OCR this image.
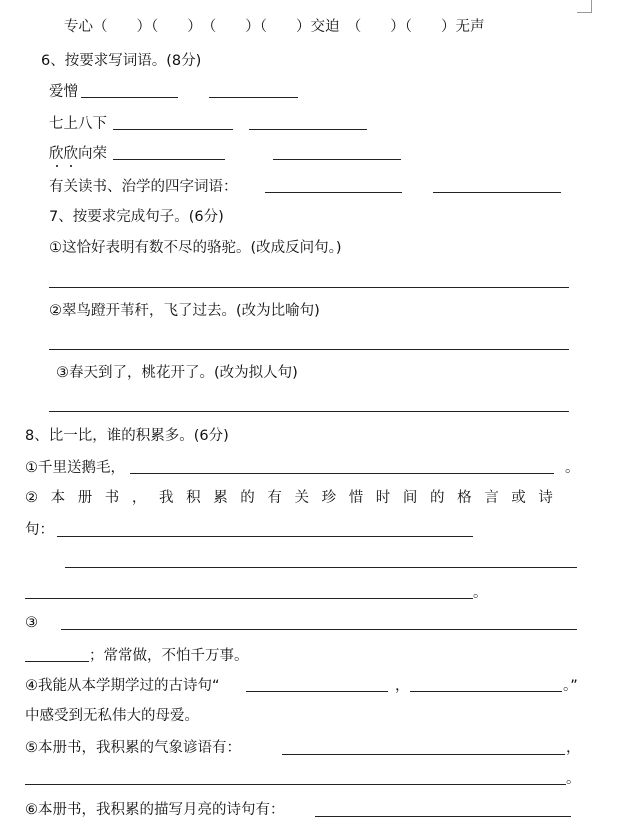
专心（　　）（　　）　（　　）（　　）交迫　（　　）（　　）无声
6、按要求写词语。(8分)
爱憎
七上八下
欣欣向荣
有关读书、治学的四字词语：
7、按要求完成句子。(6分)
①这恰好表明有数不尽的骆驼。(改成反问句。)
②翠鸟蹬开苇秆，飞了过去。(改为比喻句)
③春天到了，桃花开了。(改为拟人句)
8、比一比，谁的积累多。(6分)
①千里送鹅毛，	。
②本册书，我积累的有关珍惜时间的格言或诗
句：
。
③
；常常做，不怕千万事。
④我能从本学期学过的古诗句“	，	。”
中感受到无私伟大的母爱。
⑤本册书，我积累的气象谚语有：	，
。
⑥本册书，我积累的描写月亮的诗句有：
